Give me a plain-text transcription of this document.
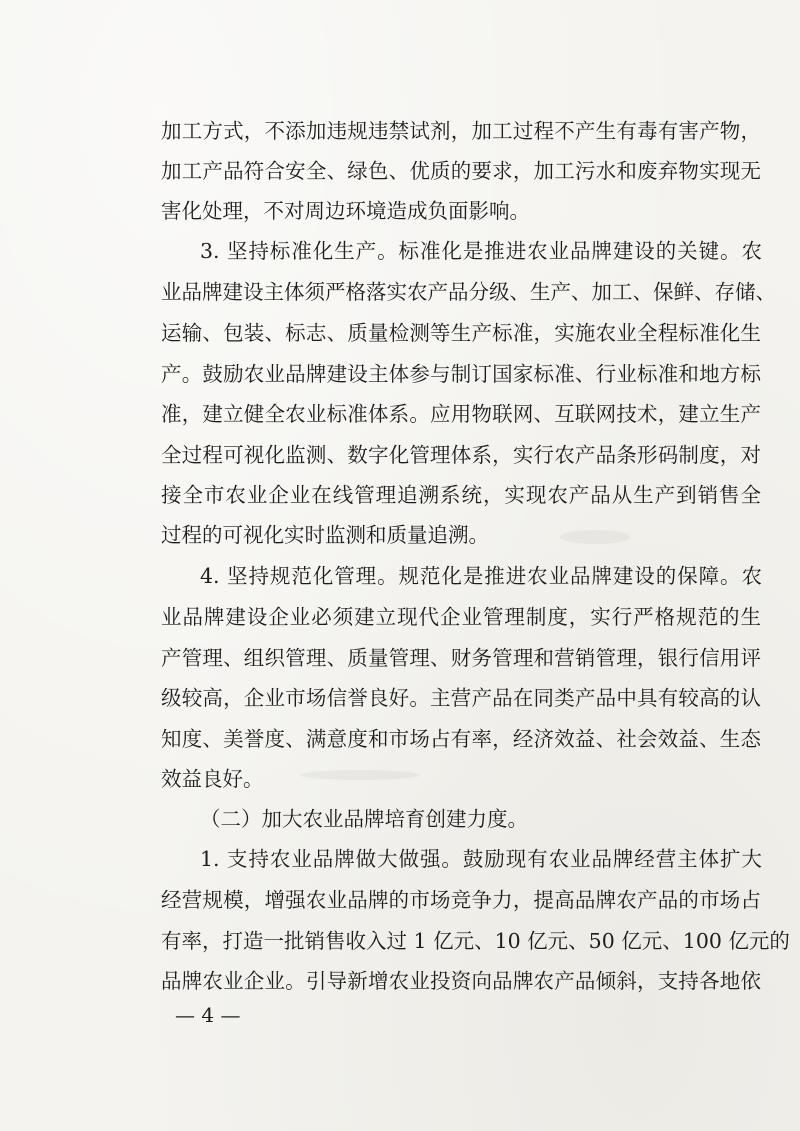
加工方式，不添加违规违禁试剂，加工过程不产生有毒有害产物，
加工产品符合安全、绿色、优质的要求，加工污水和废弃物实现无
害化处理，不对周边环境造成负面影响。
3. 坚持标准化生产。标准化是推进农业品牌建设的关键。农
业品牌建设主体须严格落实农产品分级、生产、加工、保鲜、存储、
运输、包装、标志、质量检测等生产标准，实施农业全程标准化生
产。鼓励农业品牌建设主体参与制订国家标准、行业标准和地方标
准，建立健全农业标准体系。应用物联网、互联网技术，建立生产
全过程可视化监测、数字化管理体系，实行农产品条形码制度，对
接全市农业企业在线管理追溯系统，实现农产品从生产到销售全
过程的可视化实时监测和质量追溯。
4. 坚持规范化管理。规范化是推进农业品牌建设的保障。农
业品牌建设企业必须建立现代企业管理制度，实行严格规范的生
产管理、组织管理、质量管理、财务管理和营销管理，银行信用评
级较高，企业市场信誉良好。主营产品在同类产品中具有较高的认
知度、美誉度、满意度和市场占有率，经济效益、社会效益、生态
效益良好。
（二）加大农业品牌培育创建力度。
1. 支持农业品牌做大做强。鼓励现有农业品牌经营主体扩大
经营规模，增强农业品牌的市场竞争力，提高品牌农产品的市场占
有率，打造一批销售收入过 1 亿元、10 亿元、50 亿元、100 亿元的
品牌农业企业。引导新增农业投资向品牌农产品倾斜，支持各地依
— 4 —
